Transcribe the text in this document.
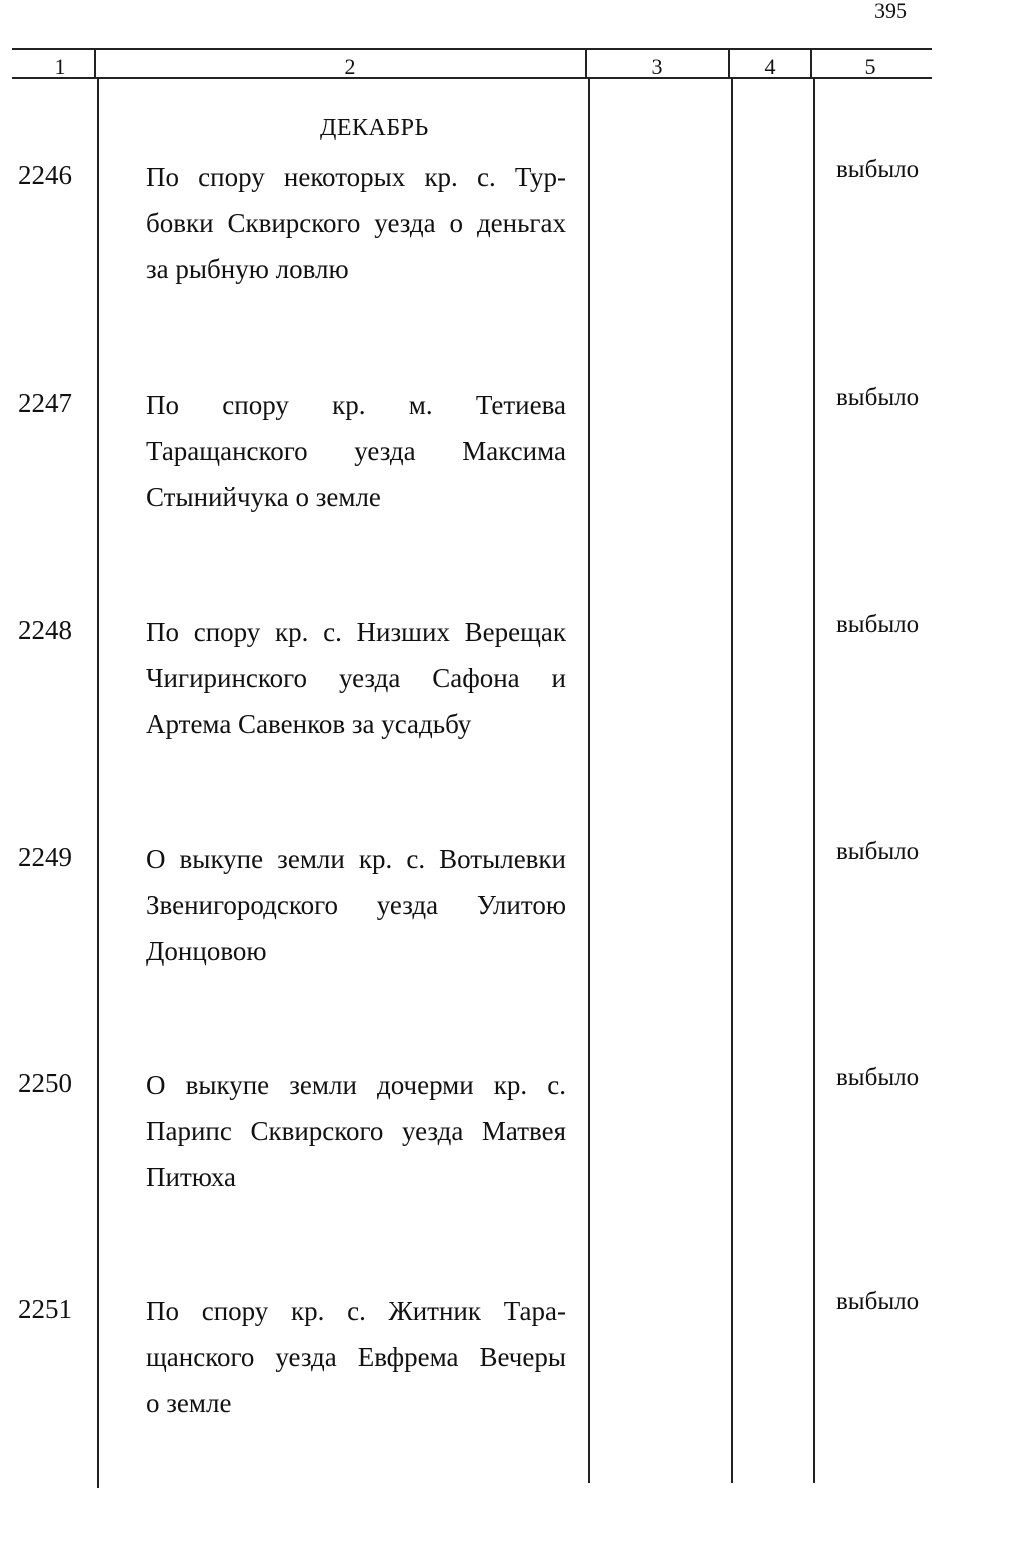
395
1	2	3	4	5
ДЕКАБРЬ
2246	По спору некоторых кр. с. Тур-
бовки Сквирского уезда о деньгах
за рыбную ловлю
выбыло
2247	По спору кр. м. Тетиева
Таращанского уезда Максима
Стынийчука о земле
выбыло
2248	По спору кр. с. Низших Верещак
Чигиринского уезда Сафона и
Артема Савенков за усадьбу
выбыло
2249	О выкупе земли кр. с. Вотылевки
Звенигородского уезда Улитою
Донцовою
выбыло
2250	О выкупе земли дочерми кр. с.
Парипс Сквирского уезда Матвея
Питюха
выбыло
2251	По спору кр. с. Житник Тара-
щанского уезда Евфрема Вечеры
о земле
выбыло
